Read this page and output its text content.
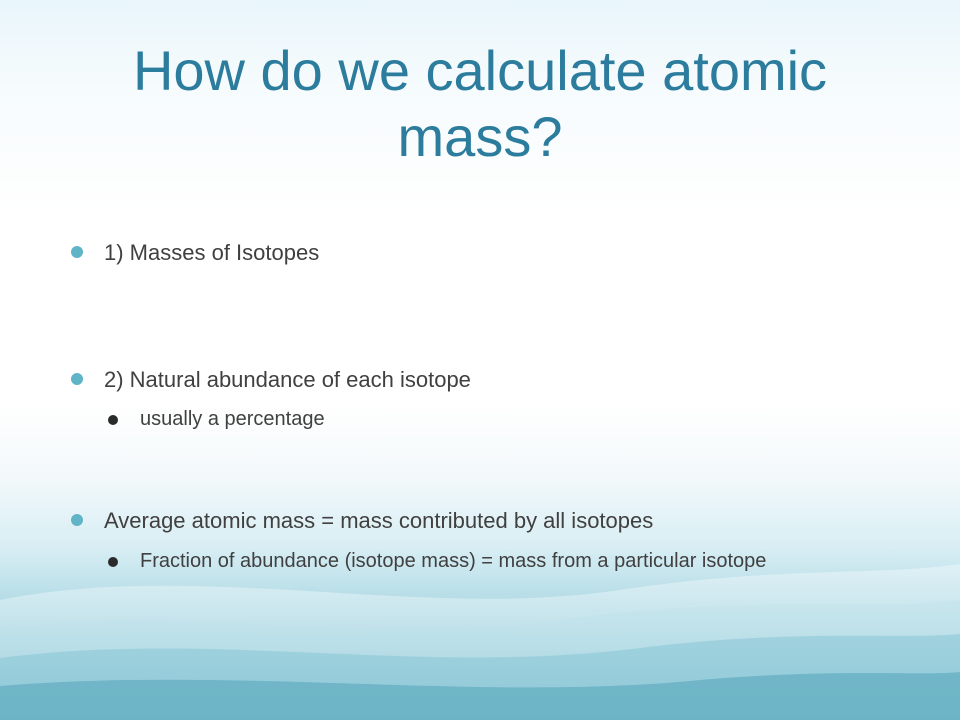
How do we calculate atomic mass?
1) Masses of Isotopes
2) Natural abundance of each isotope
usually a percentage
Average atomic mass = mass contributed by all isotopes
Fraction of abundance (isotope mass) = mass from a particular isotope
